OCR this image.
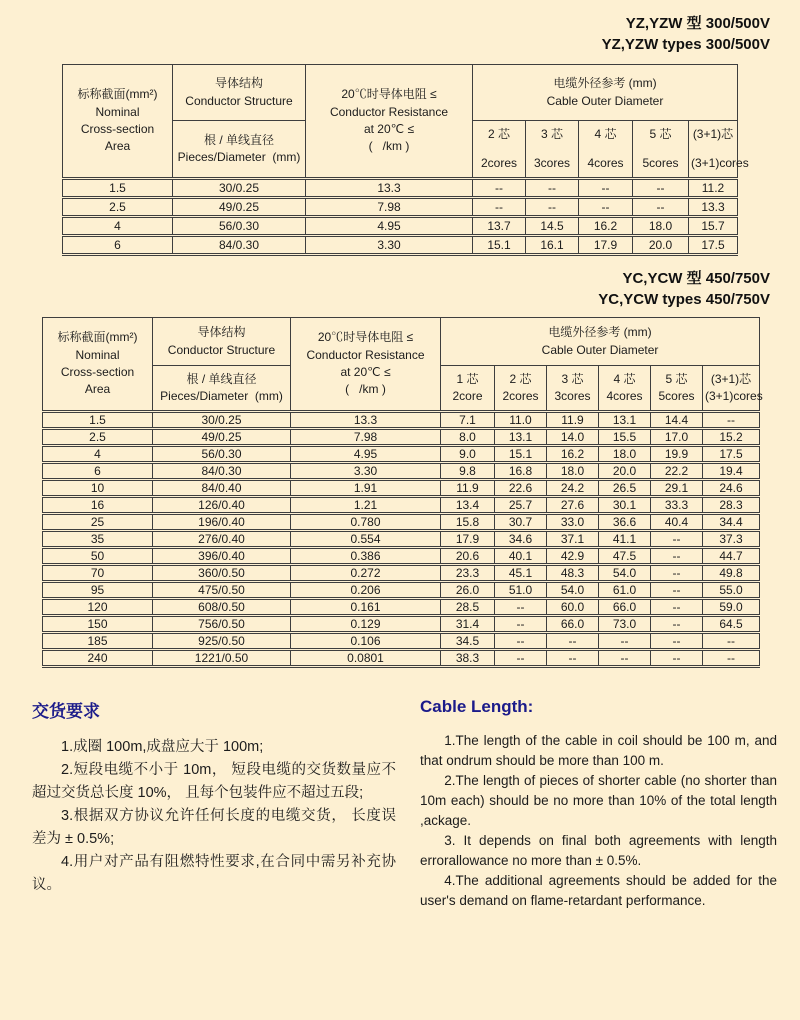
YZ,YZW 型 300/500V
YZ,YZW types 300/500V
标称截面(mm²)
Nominal
Cross-section
Area

导体结构
Conductor Structure	20℃时导体电阻 ≤
Conductor Resistance
at 20℃ ≤
(   /km )

电缆外径参考 (mm)
Cable Outer Diameter

根 / 单线直径
Pieces/Diameter  (mm)

2 芯
2cores

3 芯
3cores

4 芯
4cores

5 芯
5cores

(3+1)芯
(3+1)cores

1.5	30/0.25	13.3	--	--	--	--	11.2
2.5	49/0.25	7.98	--	--	--	--	13.3
4	56/0.30	4.95	13.7	14.5	16.2	18.0	15.7
6	84/0.30	3.30	15.1	16.1	17.9	20.0	17.5
YC,YCW 型 450/750V
YC,YCW types 450/750V
标称截面(mm²)
Nominal
Cross-section
Area

导体结构
Conductor Structure

20℃时导体电阻 ≤
Conductor Resistance
at 20℃ ≤
(   /km )

电缆外径参考 (mm)
Cable Outer Diameter

根 / 单线直径
Pieces/Diameter  (mm)

1 芯
2core

2 芯
2cores

3 芯
3cores

4 芯
4cores

5 芯
5cores

(3+1)芯
(3+1)cores

1.5	30/0.25	13.3	7.1	11.0	11.9	13.1	14.4	--
2.5	49/0.25	7.98	8.0	13.1	14.0	15.5	17.0	15.2
4	56/0.30	4.95	9.0	15.1	16.2	18.0	19.9	17.5
6	84/0.30	3.30	9.8	16.8	18.0	20.0	22.2	19.4
10	84/0.40	1.91	11.9	22.6	24.2	26.5	29.1	24.6
16	126/0.40	1.21	13.4	25.7	27.6	30.1	33.3	28.3
25	196/0.40	0.780	15.8	30.7	33.0	36.6	40.4	34.4
35	276/0.40	0.554	17.9	34.6	37.1	41.1	--	37.3
50	396/0.40	0.386	20.6	40.1	42.9	47.5	--	44.7
70	360/0.50	0.272	23.3	45.1	48.3	54.0	--	49.8
95	475/0.50	0.206	26.0	51.0	54.0	61.0	--	55.0
120	608/0.50	0.161	28.5	--	60.0	66.0	--	59.0
150	756/0.50	0.129	31.4	--	66.0	73.0	--	64.5
185	925/0.50	0.106	34.5	--	--	--	--	--
240	1221/0.50	0.0801	38.3	--	--	--	--	--
交货要求

1.成圈 100m,成盘应大于 100m;

2.短段电缆不小于 10m， 短段电缆的交货数量应不超过交货总长度 10%， 且每个包装件应不超过五段;

3.根据双方协议允许任何长度的电缆交货， 长度误差为 ± 0.5%;

4.用户对产品有阻燃特性要求,在合同中需另补充协议。

Cable Length:

1.The length of the cable in coil should be 100 m, and that ondrum should be more than 100 m.

2.The length of pieces of shorter cable (no shorter than 10m each) should be no more than 10% of the total length ,ackage.

3. It depends on final both agreements with length errorallowance no more than ± 0.5%.

4.The additional agreements should be added for the user's demand on flame-retardant performance.
